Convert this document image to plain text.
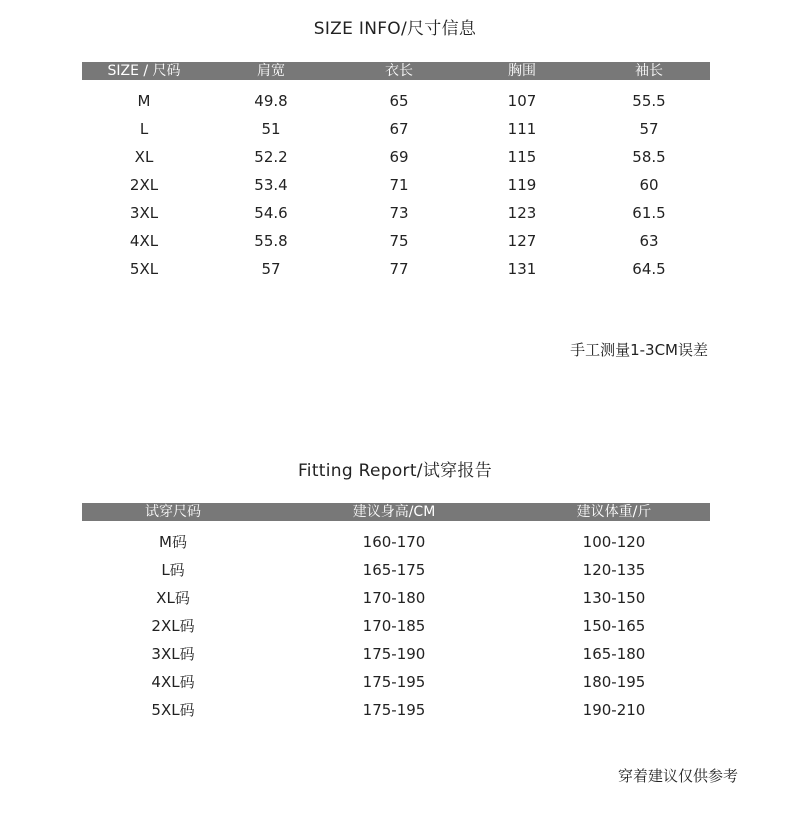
SIZE INFO/尺寸信息
SIZE / 尺码	肩宽	衣长	胸围	袖长
M	49.8	65	107	55.5
L	51	67	111	57
XL	52.2	69	115	58.5
2XL	53.4	71	119	60
3XL	54.6	73	123	61.5
4XL	55.8	75	127	63
5XL	57	77	131	64.5
手工测量1-3CM误差
Fitting Report/试穿报告
试穿尺码	建议身高/CM	建议体重/斤
M码	160-170	100-120
L码	165-175	120-135
XL码	170-180	130-150
2XL码	170-185	150-165
3XL码	175-190	165-180
4XL码	175-195	180-195
5XL码	175-195	190-210
穿着建议仅供参考
